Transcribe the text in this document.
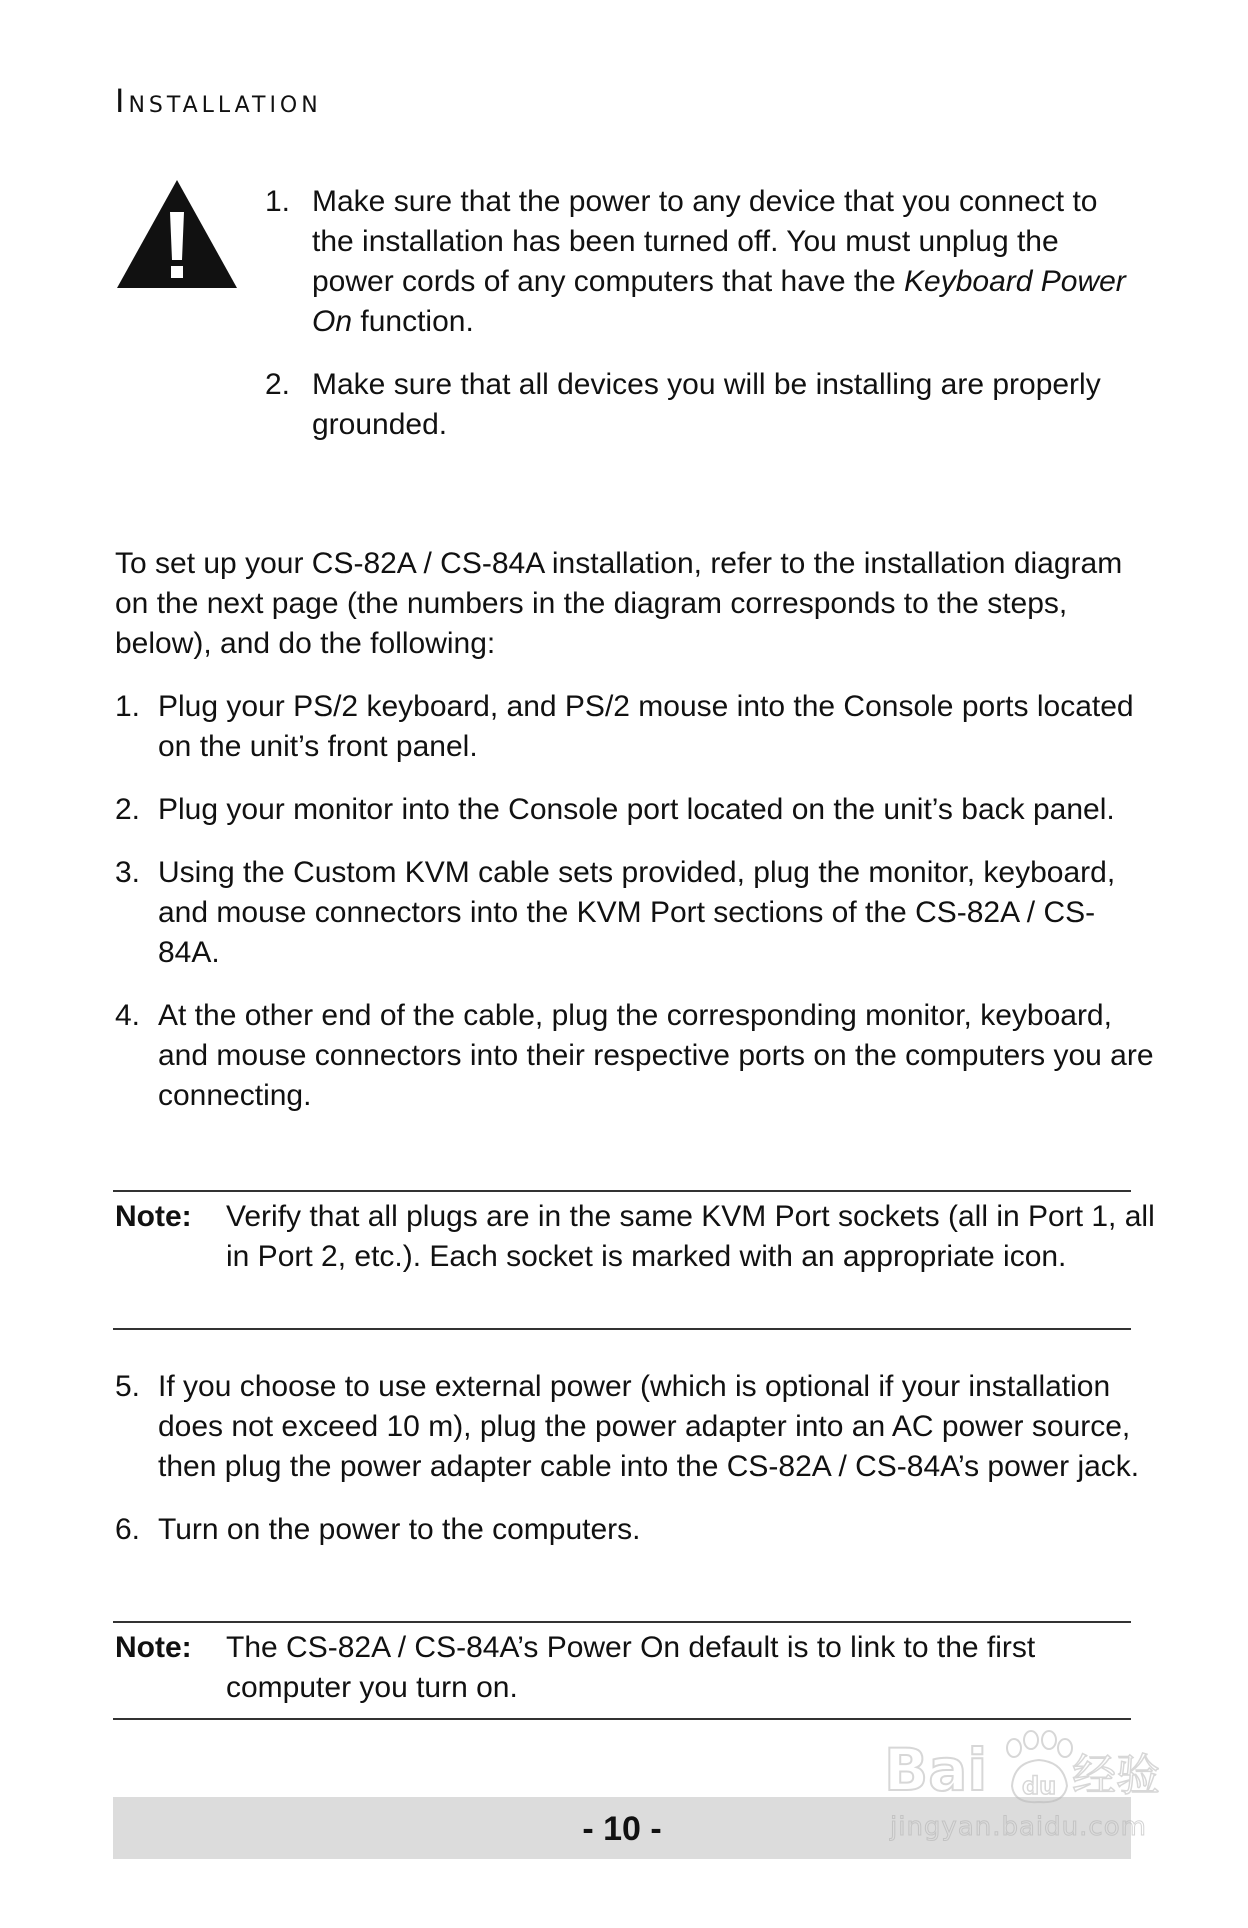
Installation
1. Make sure that the power to any device that you connect to the installation has been turned off. You must unplug the power cords of any computers that have the Keyboard Power On function.
2. Make sure that all devices you will be installing are properly grounded.
To set up your CS-82A / CS-84A installation, refer to the installation diagram on the next page (the numbers in the diagram corresponds to the steps, below), and do the following:
1. Plug your PS/2 keyboard, and PS/2 mouse into the Console ports located on the unit’s front panel.
2. Plug your monitor into the Console port located on the unit’s back panel.
3. Using the Custom KVM cable sets provided, plug the monitor, keyboard, and mouse connectors into the KVM Port sections of the CS-82A / CS-84A.
4. At the other end of the cable, plug the corresponding monitor, keyboard, and mouse connectors into their respective ports on the computers you are connecting.
Note: Verify that all plugs are in the same KVM Port sockets (all in Port 1, all in Port 2, etc.). Each socket is marked with an appropriate icon.
5. If you choose to use external power (which is optional if your installation does not exceed 10 m), plug the power adapter into an AC power source, then plug the power adapter cable into the CS-82A / CS-84A’s power jack.
6. Turn on the power to the computers.
Note: The CS-82A / CS-84A’s Power On default is to link to the first computer you turn on.
- 10 -
Bai du 经验
jingyan.baidu.com
